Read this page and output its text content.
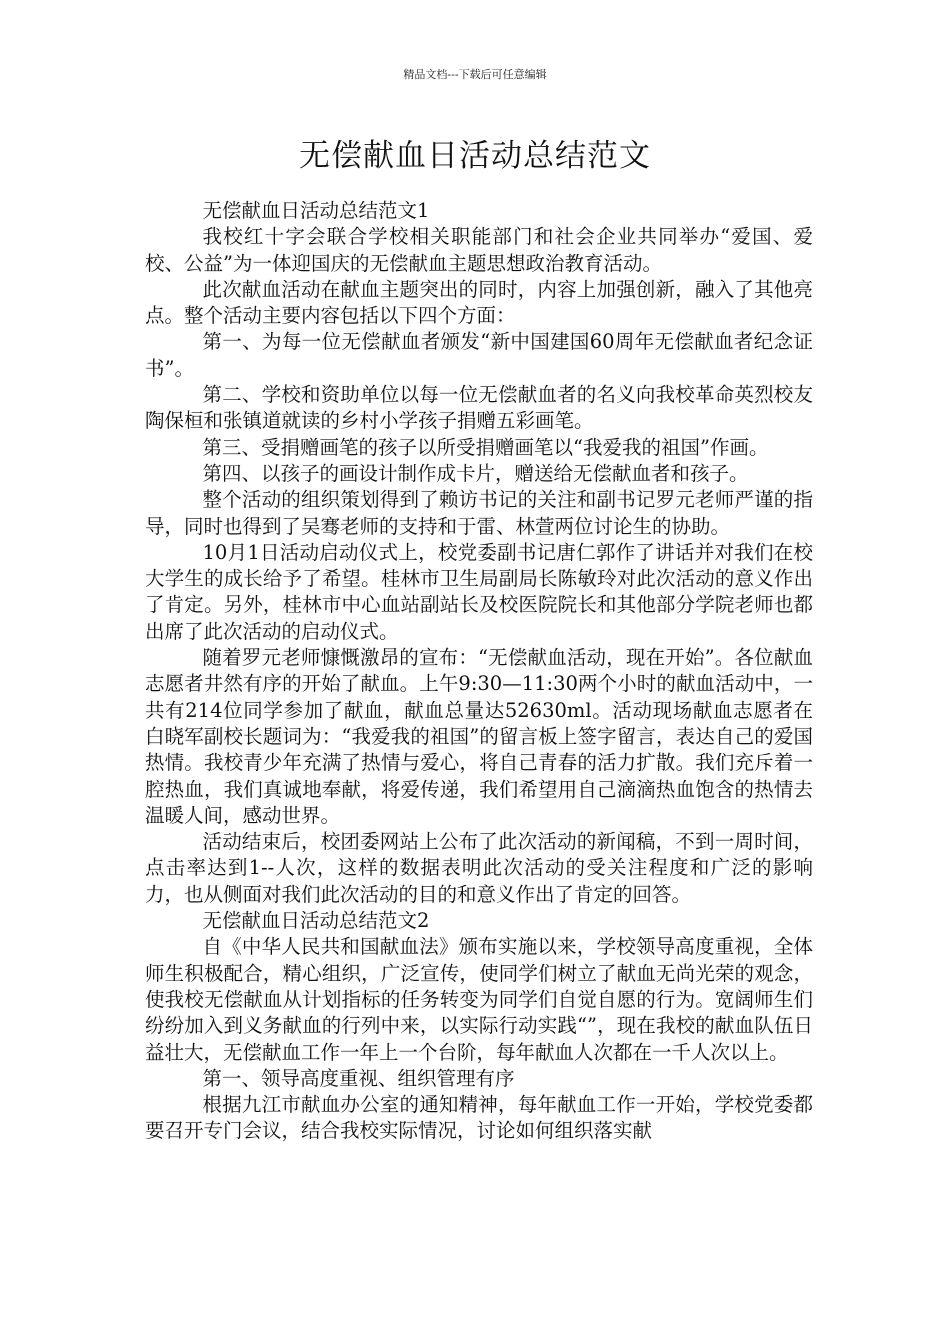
精品文档---下载后可任意编辑
无偿献血日活动总结范文

无偿献血日活动总结范文1

我校红十字会联合学校相关职能部门和社会企业共同举办“爱国、爱校、公益”为一体迎国庆的无偿献血主题思想政治教育活动。

此次献血活动在献血主题突出的同时，内容上加强创新，融入了其他亮点。整个活动主要内容包括以下四个方面：

第一、为每一位无偿献血者颁发“新中国建国60周年无偿献血者纪念证书”。

第二、学校和资助单位以每一位无偿献血者的名义向我校革命英烈校友陶保桓和张镇道就读的乡村小学孩子捐赠五彩画笔。

第三、受捐赠画笔的孩子以所受捐赠画笔以“我爱我的祖国”作画。

第四、以孩子的画设计制作成卡片，赠送给无偿献血者和孩子。

整个活动的组织策划得到了赖访书记的关注和副书记罗元老师严谨的指导，同时也得到了吴骞老师的支持和于雷、林萱两位讨论生的协助。

10月1日活动启动仪式上，校党委副书记唐仁郭作了讲话并对我们在校大学生的成长给予了希望。桂林市卫生局副局长陈敏玲对此次活动的意义作出了肯定。另外，桂林市中心血站副站长及校医院院长和其他部分学院老师也都出席了此次活动的启动仪式。

随着罗元老师慷慨激昂的宣布：“无偿献血活动，现在开始”。各位献血志愿者井然有序的开始了献血。上午9:30—11:30两个小时的献血活动中，一共有214位同学参加了献血，献血总量达52630ml。活动现场献血志愿者在白晓军副校长题词为：“我爱我的祖国”的留言板上签字留言，表达自己的爱国热情。我校青少年充满了热情与爱心，将自己青春的活力扩散。我们充斥着一腔热血，我们真诚地奉献，将爱传递，我们希望用自己滴滴热血饱含的热情去温暖人间，感动世界。

活动结束后，校团委网站上公布了此次活动的新闻稿，不到一周时间，点击率达到1--人次，这样的数据表明此次活动的受关注程度和广泛的影响力，也从侧面对我们此次活动的目的和意义作出了肯定的回答。

无偿献血日活动总结范文2

自《中华人民共和国献血法》颁布实施以来，学校领导高度重视，全体师生积极配合，精心组织，广泛宣传，使同学们树立了献血无尚光荣的观念，使我校无偿献血从计划指标的任务转变为同学们自觉自愿的行为。宽阔师生们纷纷加入到义务献血的行列中来，以实际行动实践“”，现在我校的献血队伍日益壮大，无偿献血工作一年上一个台阶，每年献血人次都在一千人次以上。

第一、领导高度重视、组织管理有序

根据九江市献血办公室的通知精神，每年献血工作一开始，学校党委都要召开专门会议，结合我校实际情况，讨论如何组织落实献
